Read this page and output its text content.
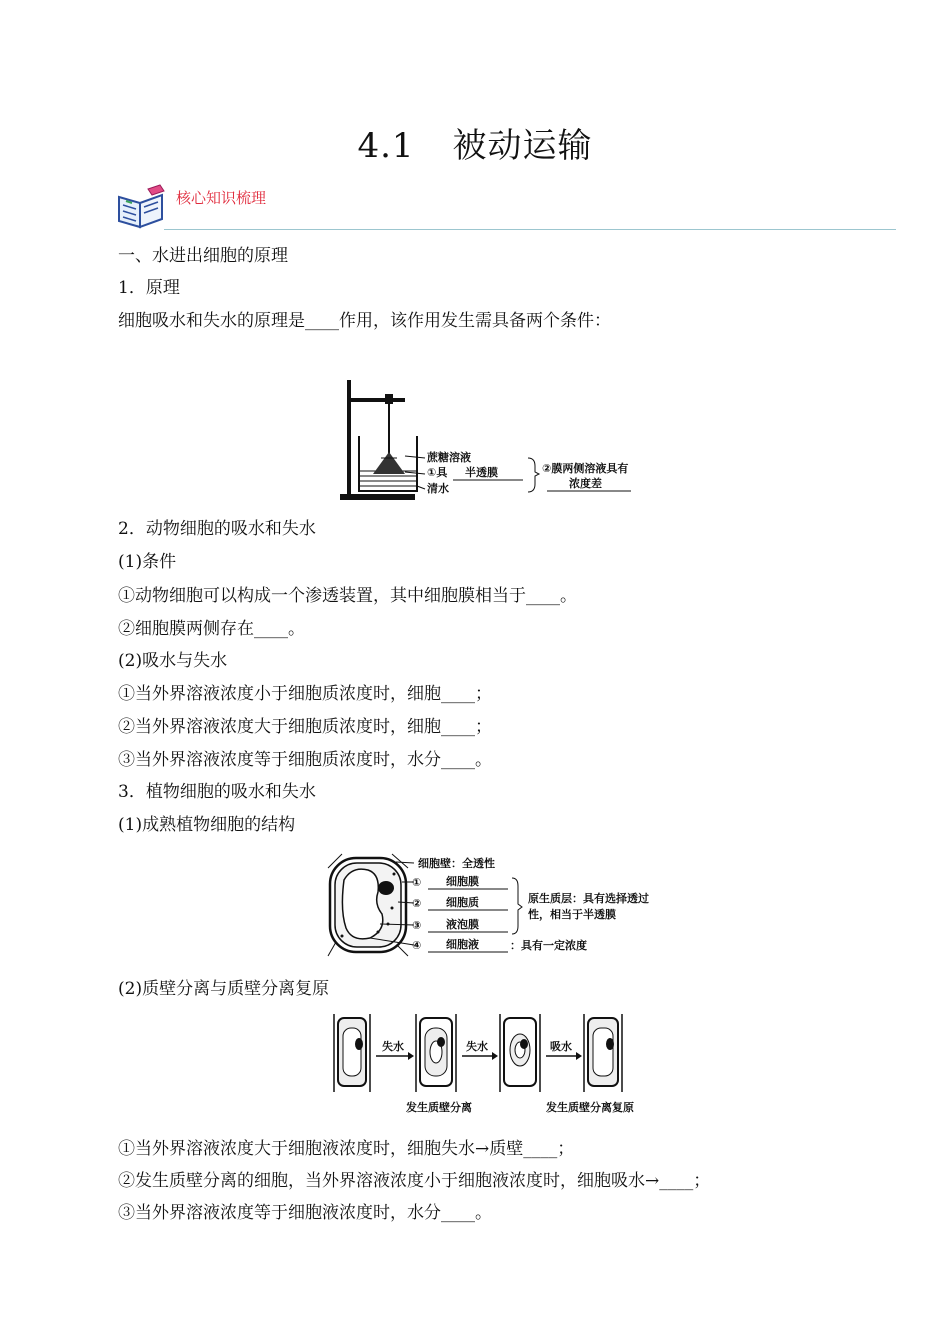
4.1 被动运输
核心知识梳理
一、水进出细胞的原理
1．原理
细胞吸水和失水的原理是____作用，该作用发生需具备两个条件：
蔗糖溶液
①具 半透膜
清水
②膜两侧溶液具有
浓度差
2．动物细胞的吸水和失水
(1)条件
①动物细胞可以构成一个渗透装置，其中细胞膜相当于____。
②细胞膜两侧存在____。
(2)吸水与失水
①当外界溶液浓度小于细胞质浓度时，细胞____；
②当外界溶液浓度大于细胞质浓度时，细胞____；
③当外界溶液浓度等于细胞质浓度时，水分____。
3．植物细胞的吸水和失水
(1)成熟植物细胞的结构
细胞壁：全透性
① 细胞膜
② 细胞质
③ 液泡膜
④ 细胞液	：具有一定浓度
原生质层：具有选择透过
性，相当于半透膜
(2)质壁分离与质壁分离复原
失水	失水	吸水
发生质壁分离	发生质壁分离复原
①当外界溶液浓度大于细胞液浓度时，细胞失水→质壁____；
②发生质壁分离的细胞，当外界溶液浓度小于细胞液浓度时，细胞吸水→____；
③当外界溶液浓度等于细胞液浓度时，水分____。
